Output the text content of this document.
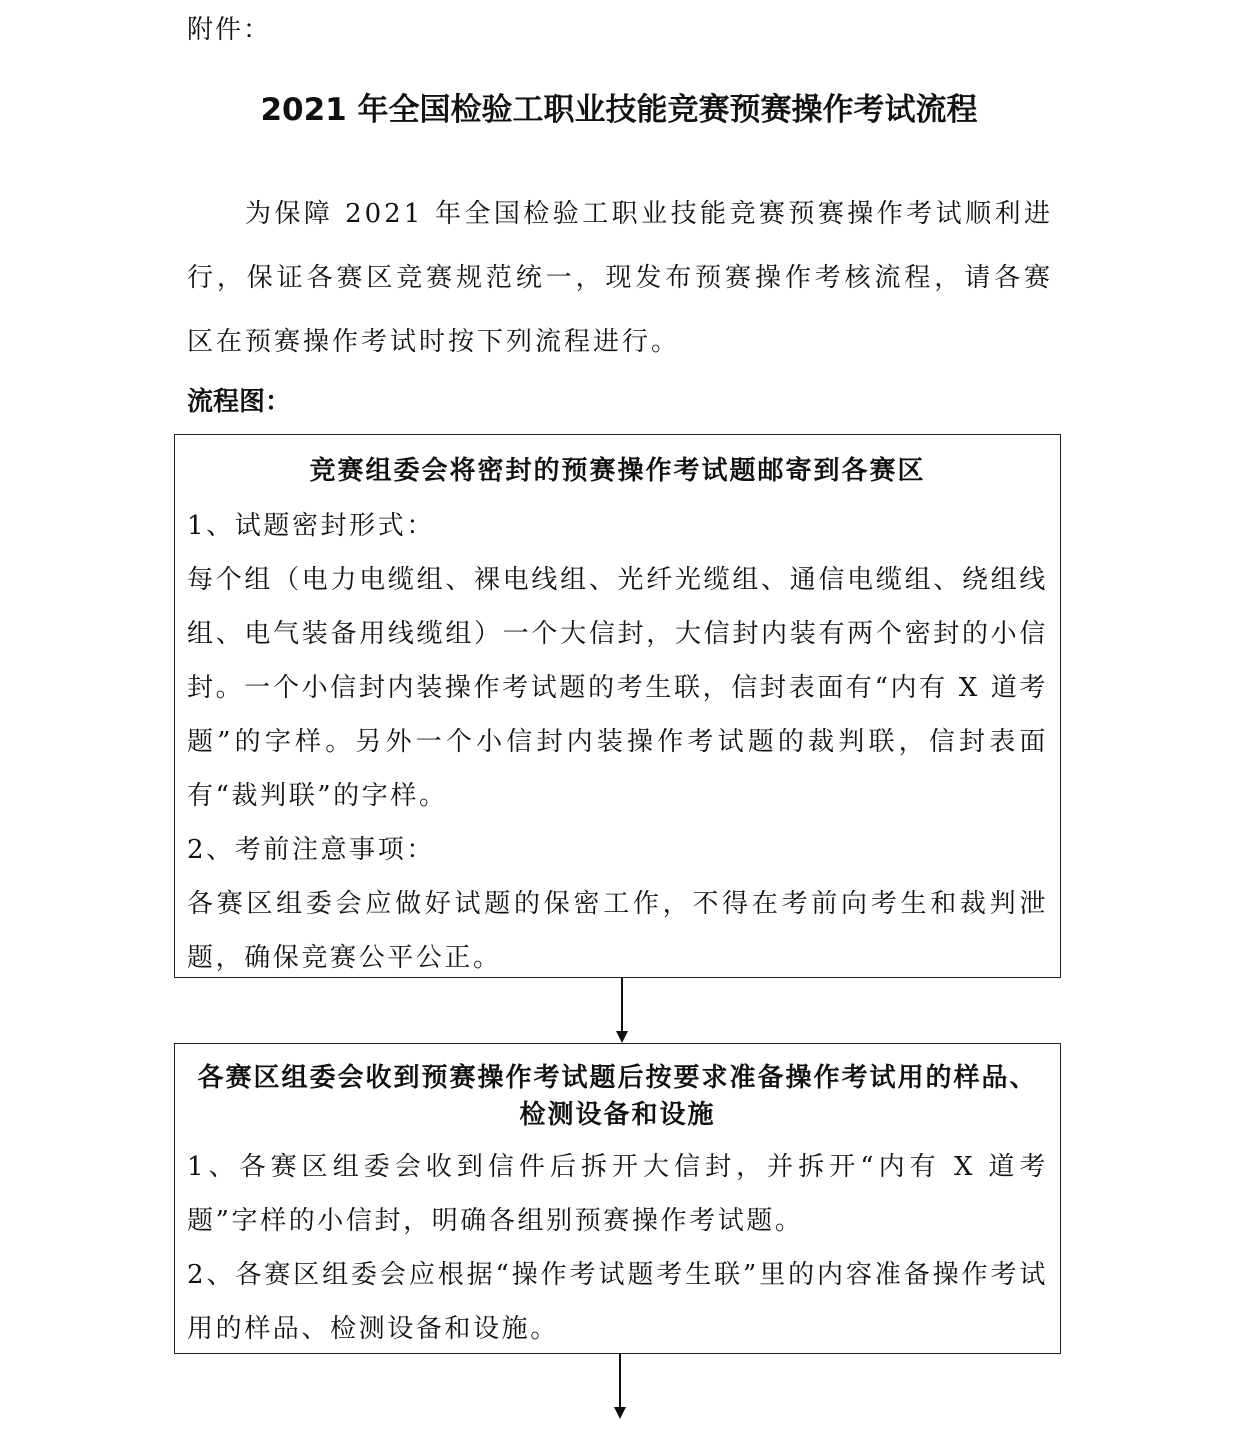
附件：
2021 年全国检验工职业技能竞赛预赛操作考试流程

为保障 2021 年全国检验工职业技能竞赛预赛操作考试顺利进行，保证各赛区竞赛规范统一，现发布预赛操作考核流程，请各赛区在预赛操作考试时按下列流程进行。

流程图：
竞赛组委会将密封的预赛操作考试题邮寄到各赛区

1、试题密封形式：

每个组（电力电缆组、裸电线组、光纤光缆组、通信电缆组、绕组线组、电气装备用线缆组）一个大信封，大信封内装有两个密封的小信封。一个小信封内装操作考试题的考生联，信封表面有“内有 X 道考题”的字样。另外一个小信封内装操作考试题的裁判联，信封表面有“裁判联”的字样。

2、考前注意事项：

各赛区组委会应做好试题的保密工作，不得在考前向考生和裁判泄题，确保竞赛公平公正。

各赛区组委会收到预赛操作考试题后按要求准备操作考试用的样品、检测设备和设施

1、各赛区组委会收到信件后拆开大信封，并拆开“内有 X 道考题”字样的小信封，明确各组别预赛操作考试题。

2、各赛区组委会应根据“操作考试题考生联”里的内容准备操作考试用的样品、检测设备和设施。
